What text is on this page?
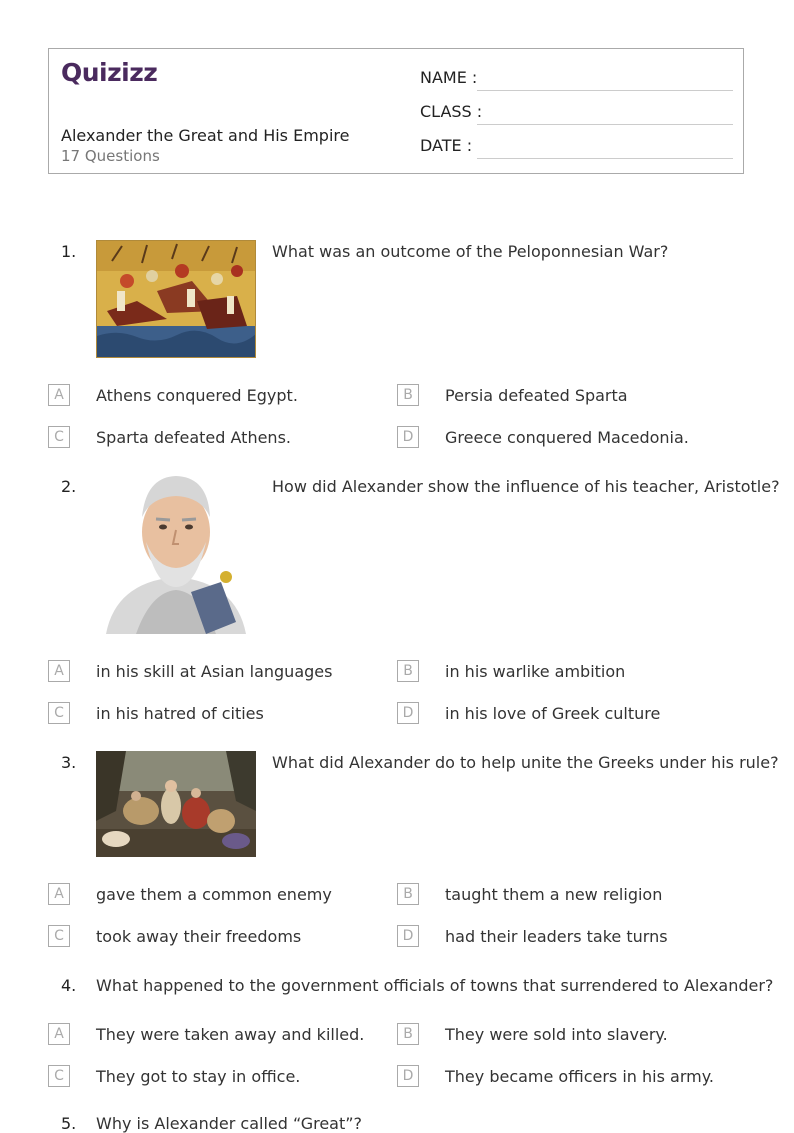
Quizizz
Alexander the Great and His Empire
17 Questions
NAME :
CLASS :
DATE :
1.	What was an outcome of the Peloponnesian War?
A	Athens conquered Egypt.	B	Persia defeated Sparta
C	Sparta defeated Athens.	D	Greece conquered Macedonia.
2.	How did Alexander show the influence of his teacher, Aristotle?
A	in his skill at Asian languages	B	in his warlike ambition
C	in his hatred of cities	D	in his love of Greek culture
3.	What did Alexander do to help unite the Greeks under his rule?
A	gave them a common enemy	B	taught them a new religion
C	took away their freedoms	D	had their leaders take turns
4. What happened to the government officials of towns that surrendered to Alexander?
A	They were taken away and killed.	B	They were sold into slavery.
C	They got to stay in office.	D	They became officers in his army.
5. Why is Alexander called “Great”?
